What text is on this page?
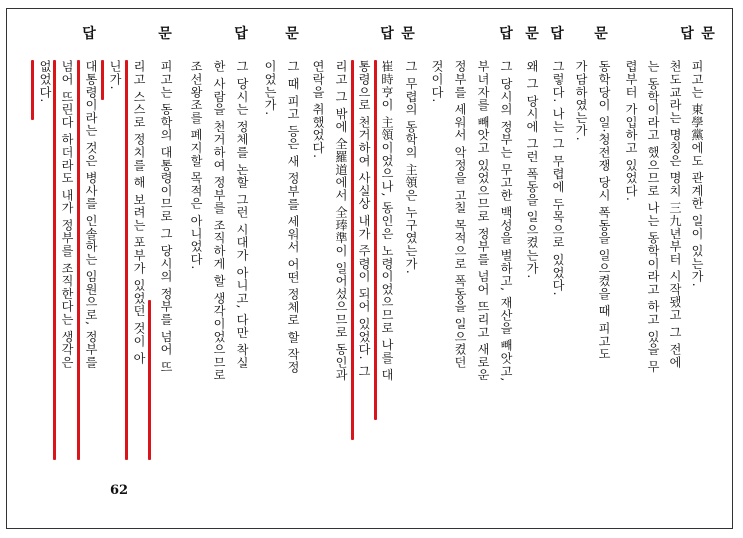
문
답
문
답
문
답
답 문
문
답
문
답
피고는 東學黨에도 관계한 일이 있는가.
천도교라는 명칭은 명치 三九년부터 시작됐고 그 전에
는 동학이라고 했으므로 나는 동학이라고 하고 있을 무
렵부터 가입하고 있었다.
동학당이 일·청전쟁 당시 폭동을 일으켰을 때 피고도
가담하였는가.
그렇다. 나는 그 무렵에 두목으로 있었다.
왜 그 당시에 그런 폭동을 일으켰는가.
그 당시의 정부는 무고한 백성을 벌하고, 재산을 빼앗고,
부녀자를 빼앗고 있었으므로 정부를 넘어 뜨리고 새로운
정부를 세워서 악정을 고칠 목적으로 폭동을 일으켰던
것이다.
그 무렵의 동학의 主領은 누구였는가.
崔時亨이 主領이었으나, 동인은 노령이었으므로 나를 대
통령으로 천거하여 사실상 내가 주령이 되어 있었다. 그
리고 그 밖에 全羅道에서 全琫準이 일어섰으므로 동인과
연락을 취했었다.
그 때 피고 등은 새 정부를 세워서 어떤 정체로 할 작정
이었는가.
그 당시는 정체를 논할 그런 시대가 아니고, 다만 착실
한 사람을 천거하여 정부를 조직하게 할 생각이었으므로
조선왕조를 폐지할 목적은 아니었다.
피고는 동학의 대통령이므로 그 당시의 정부를 넘어 뜨
리고 스스로 정치를 해 보려는 포부가 있었던 것이 아
닌가.
대통령이라는 것은 병사를 인솔하는 임원으로, 정부를
넘어 뜨린다 하더라도 내가 정부를 조직한다는 생각은
없었다.
62
